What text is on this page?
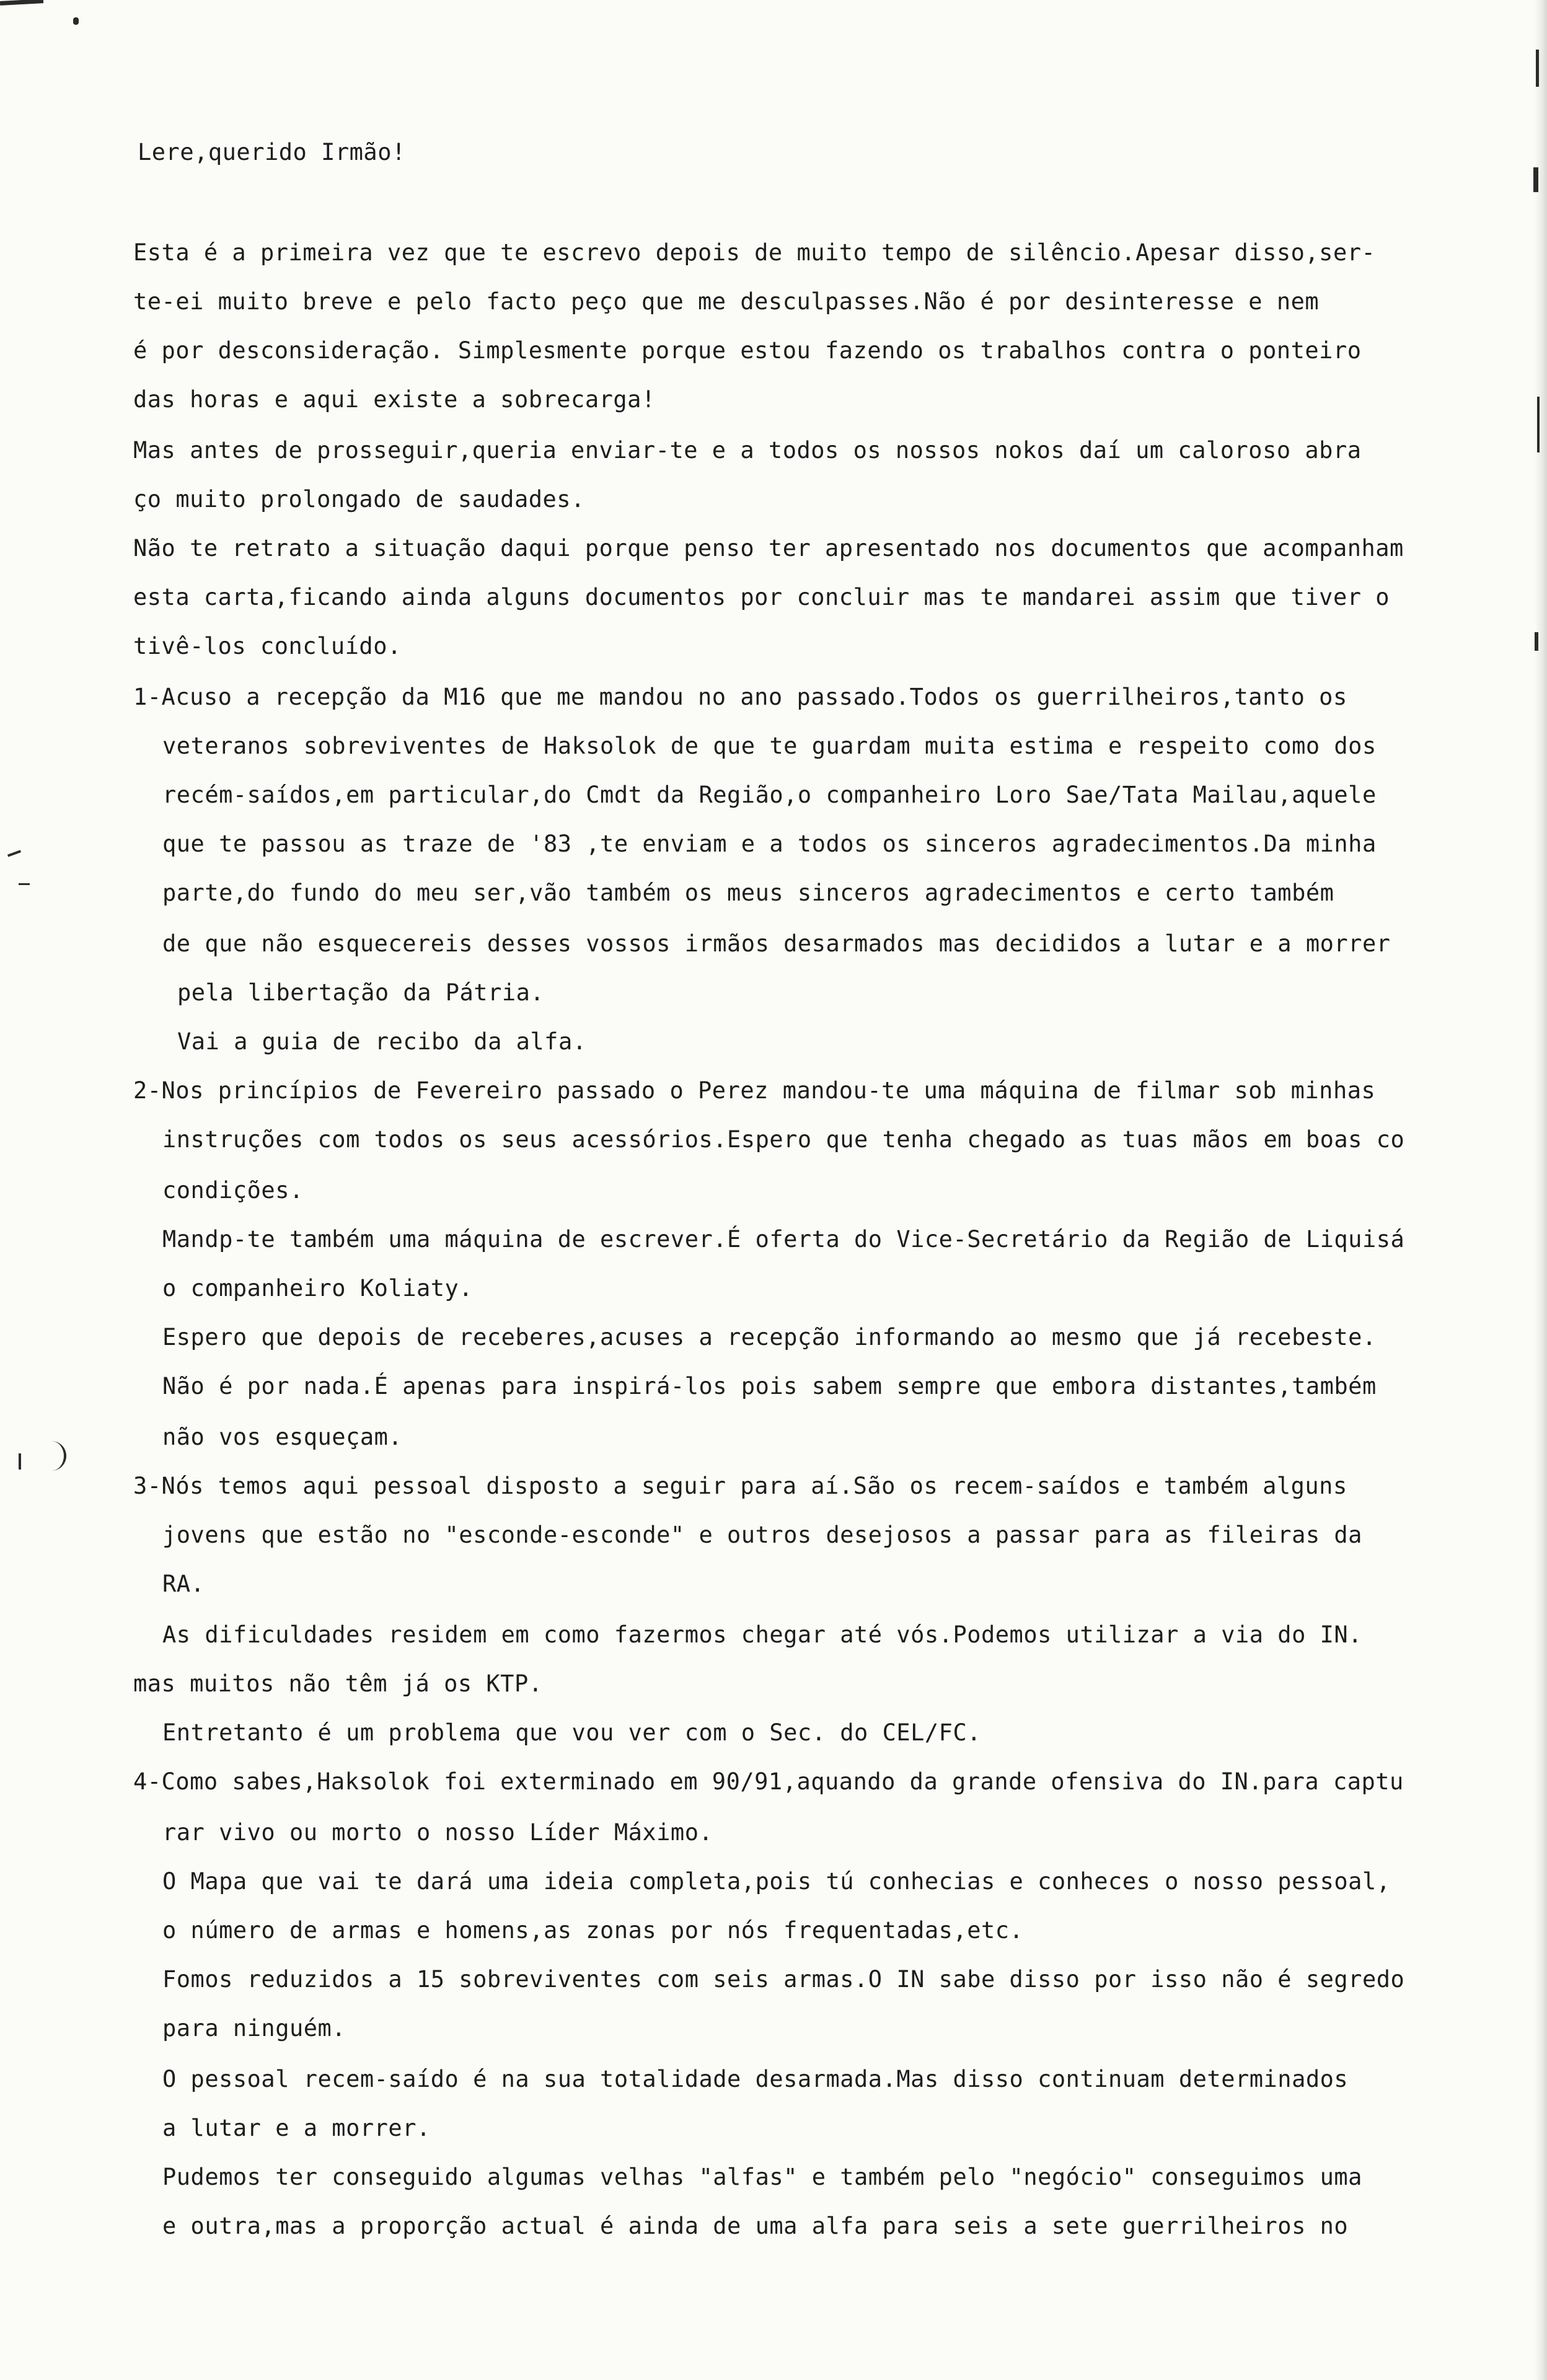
Lere,querido Irmão!
Esta é a primeira vez que te escrevo depois de muito tempo de silêncio.Apesar disso,ser-
te-ei muito breve e pelo facto peço que me desculpasses.Não é por desinteresse e nem
é por desconsideração. Simplesmente porque estou fazendo os trabalhos contra o ponteiro
das horas e aqui existe a sobrecarga!
Mas antes de prosseguir,queria enviar-te e a todos os nossos nokos daí um caloroso abra
ço muito prolongado de saudades.
Não te retrato a situação daqui porque penso ter apresentado nos documentos que acompanham
esta carta,ficando ainda alguns documentos por concluir mas te mandarei assim que tiver o
tivê-los concluído.
1-Acuso a recepção da M16 que me mandou no ano passado.Todos os guerrilheiros,tanto os
veteranos sobreviventes de Haksolok de que te guardam muita estima e respeito como dos
recém-saídos,em particular,do Cmdt da Região,o companheiro Loro Sae/Tata Mailau,aquele
que te passou as traze de '83 ,te enviam e a todos os sinceros agradecimentos.Da minha
parte,do fundo do meu ser,vão também os meus sinceros agradecimentos e certo também
de que não esquecereis desses vossos irmãos desarmados mas decididos a lutar e a morrer
pela libertação da Pátria.
Vai a guia de recibo da alfa.
2-Nos princípios de Fevereiro passado o Perez mandou-te uma máquina de filmar sob minhas
instruções com todos os seus acessórios.Espero que tenha chegado as tuas mãos em boas co
condições.
Mandp-te também uma máquina de escrever.É oferta do Vice-Secretário da Região de Liquisá
o companheiro Koliaty.
Espero que depois de receberes,acuses a recepção informando ao mesmo que já recebeste.
Não é por nada.É apenas para inspirá-los pois sabem sempre que embora distantes,também
não vos esqueçam.
3-Nós temos aqui pessoal disposto a seguir para aí.São os recem-saídos e também alguns
jovens que estão no "esconde-esconde" e outros desejosos a passar para as fileiras da
RA.
As dificuldades residem em como fazermos chegar até vós.Podemos utilizar a via do IN.
mas muitos não têm já os KTP.
Entretanto é um problema que vou ver com o Sec. do CEL/FC.
4-Como sabes,Haksolok foi exterminado em 90/91,aquando da grande ofensiva do IN.para captu
rar vivo ou morto o nosso Líder Máximo.
O Mapa que vai te dará uma ideia completa,pois tú conhecias e conheces o nosso pessoal,
o número de armas e homens,as zonas por nós frequentadas,etc.
Fomos reduzidos a 15 sobreviventes com seis armas.O IN sabe disso por isso não é segredo
para ninguém.
O pessoal recem-saído é na sua totalidade desarmada.Mas disso continuam determinados
a lutar e a morrer.
Pudemos ter conseguido algumas velhas "alfas" e também pelo "negócio" conseguimos uma
e outra,mas a proporção actual é ainda de uma alfa para seis a sete guerrilheiros no
